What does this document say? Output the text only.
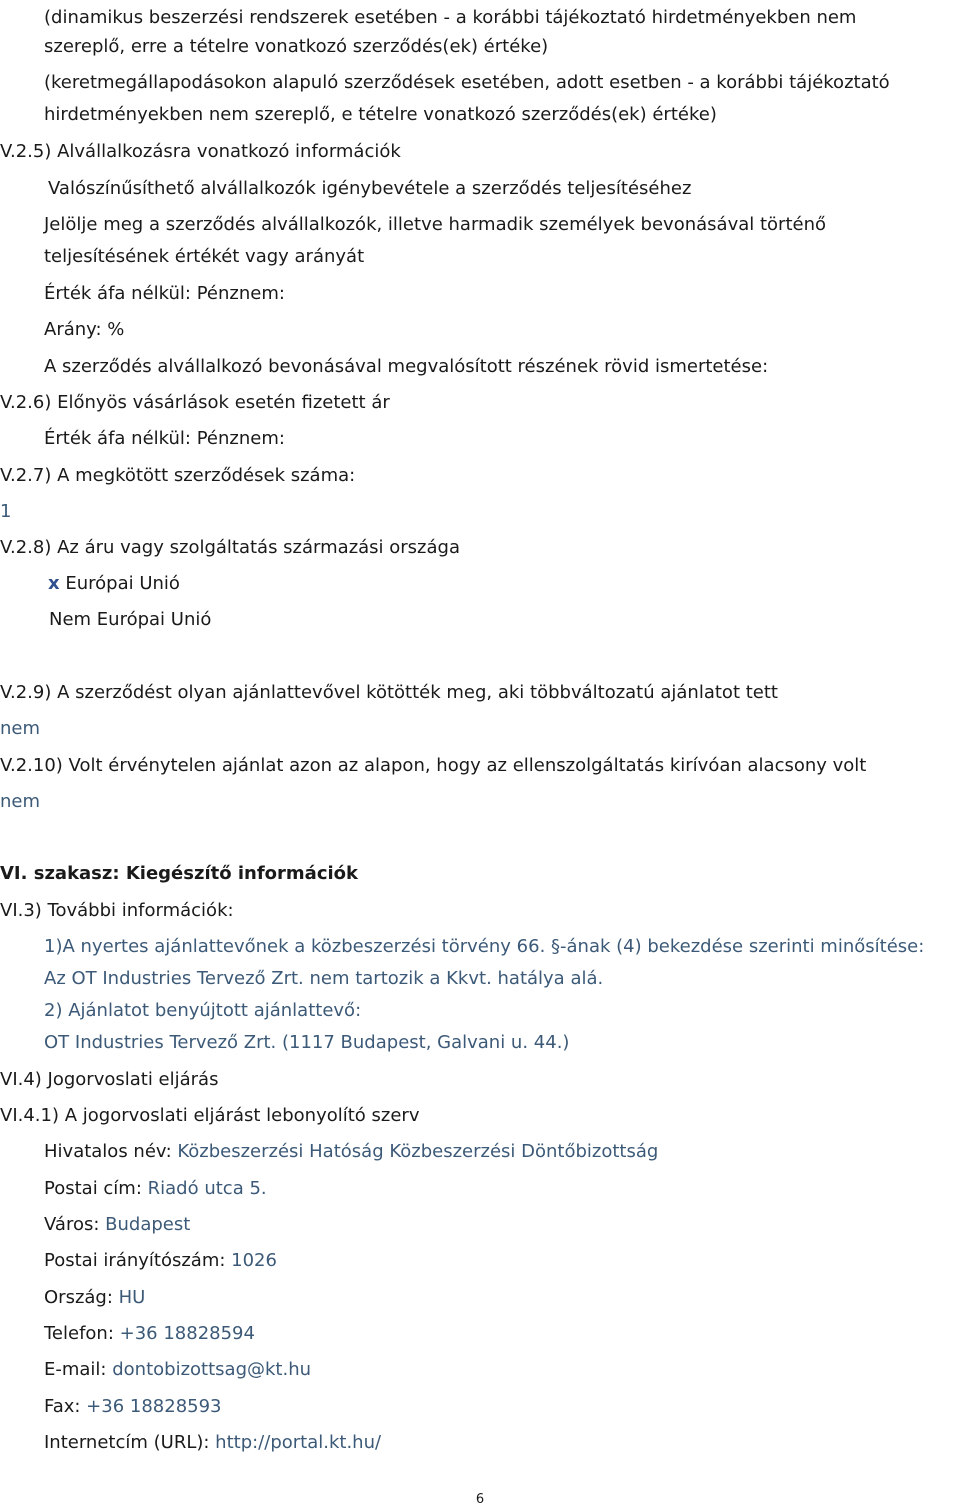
(dinamikus beszerzési rendszerek esetében - a korábbi tájékoztató hirdetményekben nem
szereplő, erre a tételre vonatkozó szerződés(ek) értéke)
(keretmegállapodásokon alapuló szerződések esetében, adott esetben - a korábbi tájékoztató
hirdetményekben nem szereplő, e tételre vonatkozó szerződés(ek) értéke)
V.2.5) Alvállalkozásra vonatkozó információk
Valószínűsíthető alvállalkozók igénybevétele a szerződés teljesítéséhez
Jelölje meg a szerződés alvállalkozók, illetve harmadik személyek bevonásával történő
teljesítésének értékét vagy arányát
Érték áfa nélkül: Pénznem:
Arány: %
A szerződés alvállalkozó bevonásával megvalósított részének rövid ismertetése:
V.2.6) Előnyös vásárlások esetén fizetett ár
Érték áfa nélkül: Pénznem:
V.2.7) A megkötött szerződések száma:
1
V.2.8) Az áru vagy szolgáltatás származási országa
x Európai Unió
Nem Európai Unió
V.2.9) A szerződést olyan ajánlattevővel kötötték meg, aki többváltozatú ajánlatot tett
nem
V.2.10) Volt érvénytelen ajánlat azon az alapon, hogy az ellenszolgáltatás kirívóan alacsony volt
nem
VI. szakasz: Kiegészítő információk
VI.3) További információk:
1)A nyertes ajánlattevőnek a közbeszerzési törvény 66. §-ának (4) bekezdése szerinti minősítése:
Az OT Industries Tervező Zrt. nem tartozik a Kkvt. hatálya alá.
2) Ajánlatot benyújtott ajánlattevő:
OT Industries Tervező Zrt. (1117 Budapest, Galvani u. 44.)
VI.4) Jogorvoslati eljárás
VI.4.1) A jogorvoslati eljárást lebonyolító szerv
Hivatalos név: Közbeszerzési Hatóság Közbeszerzési Döntőbizottság
Postai cím: Riadó utca 5.
Város: Budapest
Postai irányítószám: 1026
Ország: HU
Telefon: +36 18828594
E-mail: dontobizottsag@kt.hu
Fax: +36 18828593
Internetcím (URL): http://portal.kt.hu/
6
